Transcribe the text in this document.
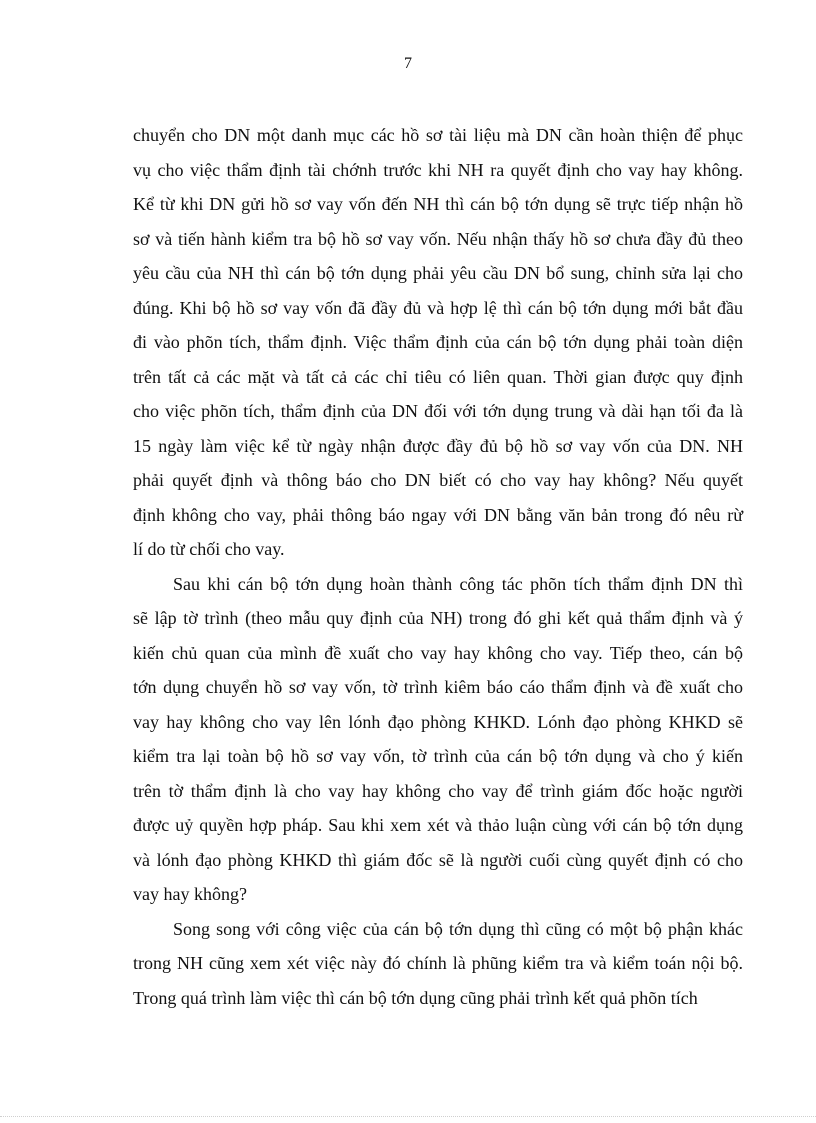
7
chuyển cho DN một danh mục các hồ sơ tài liệu mà DN cần hoàn thiện để phục
vụ cho việc thẩm định tài chớnh trước khi NH ra quyết định cho vay hay không.
Kể từ khi DN gửi hồ sơ vay vốn đến NH thì cán bộ tớn dụng sẽ trực tiếp nhận hồ
sơ và tiến hành kiểm tra bộ hồ sơ vay vốn. Nếu nhận thấy hồ sơ chưa đầy đủ theo
yêu cầu của NH thì cán bộ tớn dụng phải yêu cầu DN bổ sung, chỉnh sửa lại cho
đúng. Khi bộ hồ sơ vay vốn đã đầy đủ và hợp lệ thì cán bộ tớn dụng mới bắt đầu
đi vào phõn tích, thẩm định. Việc thẩm định của cán bộ tớn dụng phải toàn diện
trên tất cả các mặt và tất cả các chỉ tiêu có liên quan. Thời gian được quy định
cho việc phõn tích, thẩm định của DN đối với tớn dụng trung và dài hạn tối đa là
15 ngày làm việc kể từ ngày nhận được đầy đủ bộ hồ sơ vay vốn của DN. NH
phải quyết định và thông báo cho DN biết có cho vay hay không? Nếu quyết
định không cho vay, phải thông báo ngay với DN bằng văn bản trong đó nêu rừ
lí do từ chối cho vay.
Sau khi cán bộ tớn dụng hoàn thành công tác phõn tích thẩm định DN thì
sẽ lập tờ trình (theo mẫu quy định của NH) trong đó ghi kết quả thẩm định và ý
kiến chủ quan của mình đề xuất cho vay hay không cho vay. Tiếp theo, cán bộ
tớn dụng chuyển hồ sơ vay vốn, tờ trình kiêm báo cáo thẩm định và đề xuất cho
vay hay không cho vay lên lónh đạo phòng KHKD. Lónh đạo phòng KHKD sẽ
kiểm tra lại toàn bộ hồ sơ vay vốn, tờ trình của cán bộ tớn dụng và cho ý kiến
trên tờ thẩm định là cho vay hay không cho vay để trình giám đốc hoặc người
được uỷ quyền hợp pháp. Sau khi xem xét và thảo luận cùng với cán bộ tớn dụng
và lónh đạo phòng KHKD thì giám đốc sẽ là người cuối cùng quyết định có cho
vay hay không?
Song song với công việc của cán bộ tớn dụng thì cũng có một bộ phận khác
trong NH cũng xem xét việc này đó chính là phũng kiểm tra và kiểm toán nội bộ.
Trong quá trình làm việc thì cán bộ tớn dụng cũng phải trình kết quả phõn tích
